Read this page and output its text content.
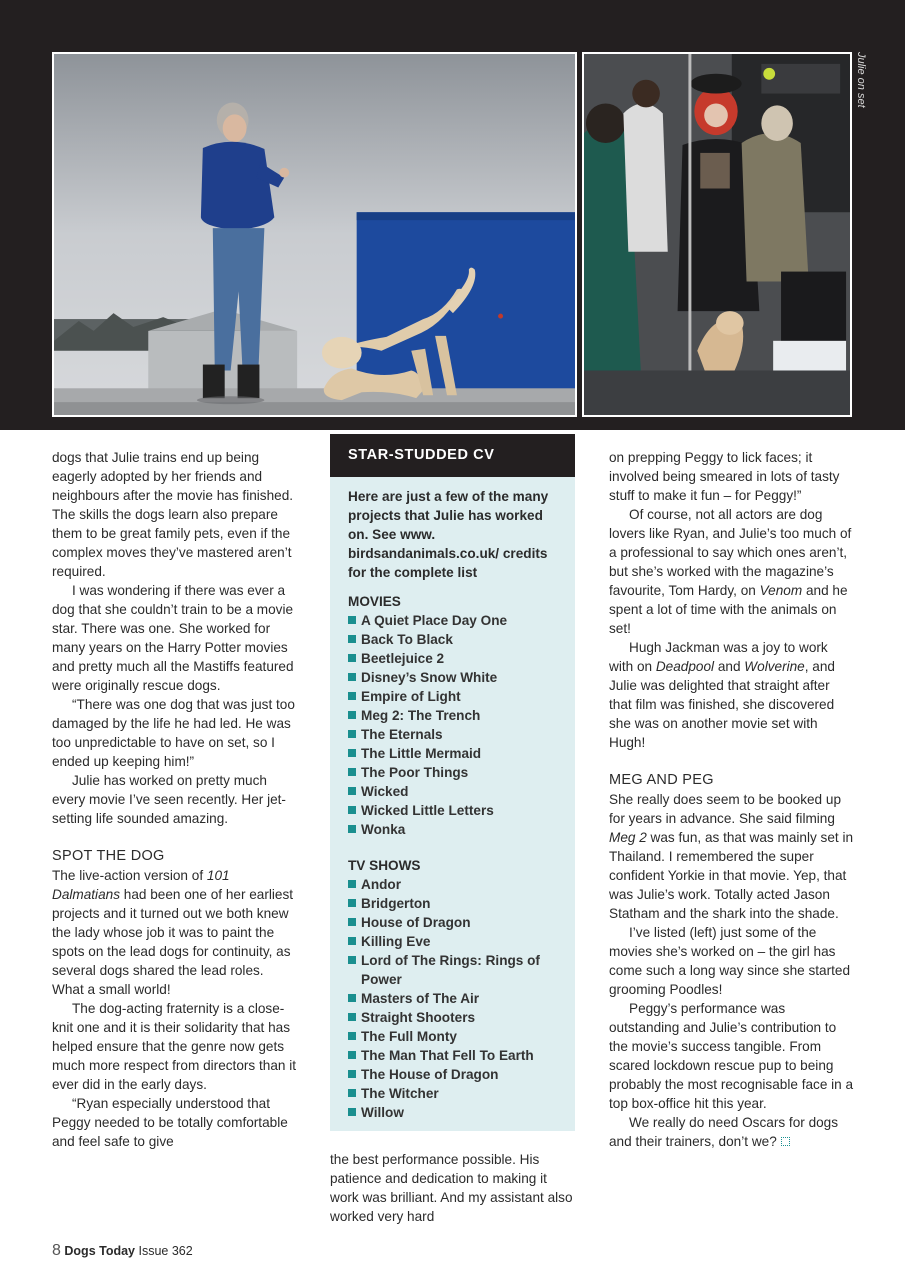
Julie on set

dogs that Julie trains end up being eagerly adopted by her friends and neighbours after the movie has finished. The skills the dogs learn also prepare them to be great family pets, even if the complex moves they’ve mastered aren’t required.

I was wondering if there was ever a dog that she couldn’t train to be a movie star. There was one. She worked for many years on the Harry Potter movies and pretty much all the Mastiffs featured were originally rescue dogs.

“There was one dog that was just too damaged by the life he had led. He was too unpredictable to have on set, so I ended up keeping him!”

Julie has worked on pretty much every movie I’ve seen recently. Her jet-setting life sounded amazing.

SPOT THE DOG

The live-action version of 101 Dalmatians had been one of her earliest projects and it turned out we both knew the lady whose job it was to paint the spots on the lead dogs for continuity, as several dogs shared the lead roles. What a small world!

The dog-acting fraternity is a close-knit one and it is their solidarity that has helped ensure that the genre now gets much more respect from directors than it ever did in the early days.

“Ryan especially understood that Peggy needed to be totally comfortable and feel safe to give

STAR-STUDDED CV

Here are just a few of the many projects that Julie has worked on. See www. birdsandanimals.co.uk/ credits for the complete list

MOVIES

A Quiet Place Day One
Back To Black
Beetlejuice 2
Disney’s Snow White
Empire of Light
Meg 2: The Trench
The Eternals
The Little Mermaid
The Poor Things
Wicked
Wicked Little Letters
Wonka

TV SHOWS

Andor
Bridgerton
House of Dragon
Killing Eve
Lord of The Rings: Rings of Power
Masters of The Air
Straight Shooters
The Full Monty
The Man That Fell To Earth
The House of Dragon
The Witcher
Willow

the best performance possible. His patience and dedication to making it work was brilliant. And my assistant also worked very hard

on prepping Peggy to lick faces; it involved being smeared in lots of tasty stuff to make it fun – for Peggy!”

Of course, not all actors are dog lovers like Ryan, and Julie’s too much of a professional to say which ones aren’t, but she’s worked with the magazine’s favourite, Tom Hardy, on Venom and he spent a lot of time with the animals on set!

Hugh Jackman was a joy to work with on Deadpool and Wolverine, and Julie was delighted that straight after that film was finished, she discovered she was on another movie set with Hugh!

MEG AND PEG

She really does seem to be booked up for years in advance. She said filming Meg 2 was fun, as that was mainly set in Thailand. I remembered the super confident Yorkie in that movie. Yep, that was Julie’s work. Totally acted Jason Statham and the shark into the shade.

I’ve listed (left) just some of the movies she’s worked on – the girl has come such a long way since she started grooming Poodles!

Peggy’s performance was outstanding and Julie’s contribution to the movie’s success tangible. From scared lockdown rescue pup to being probably the most recognisable face in a top box-office hit this year.

We really do need Oscars for dogs and their trainers, don’t we?

8 Dogs Today Issue 362
